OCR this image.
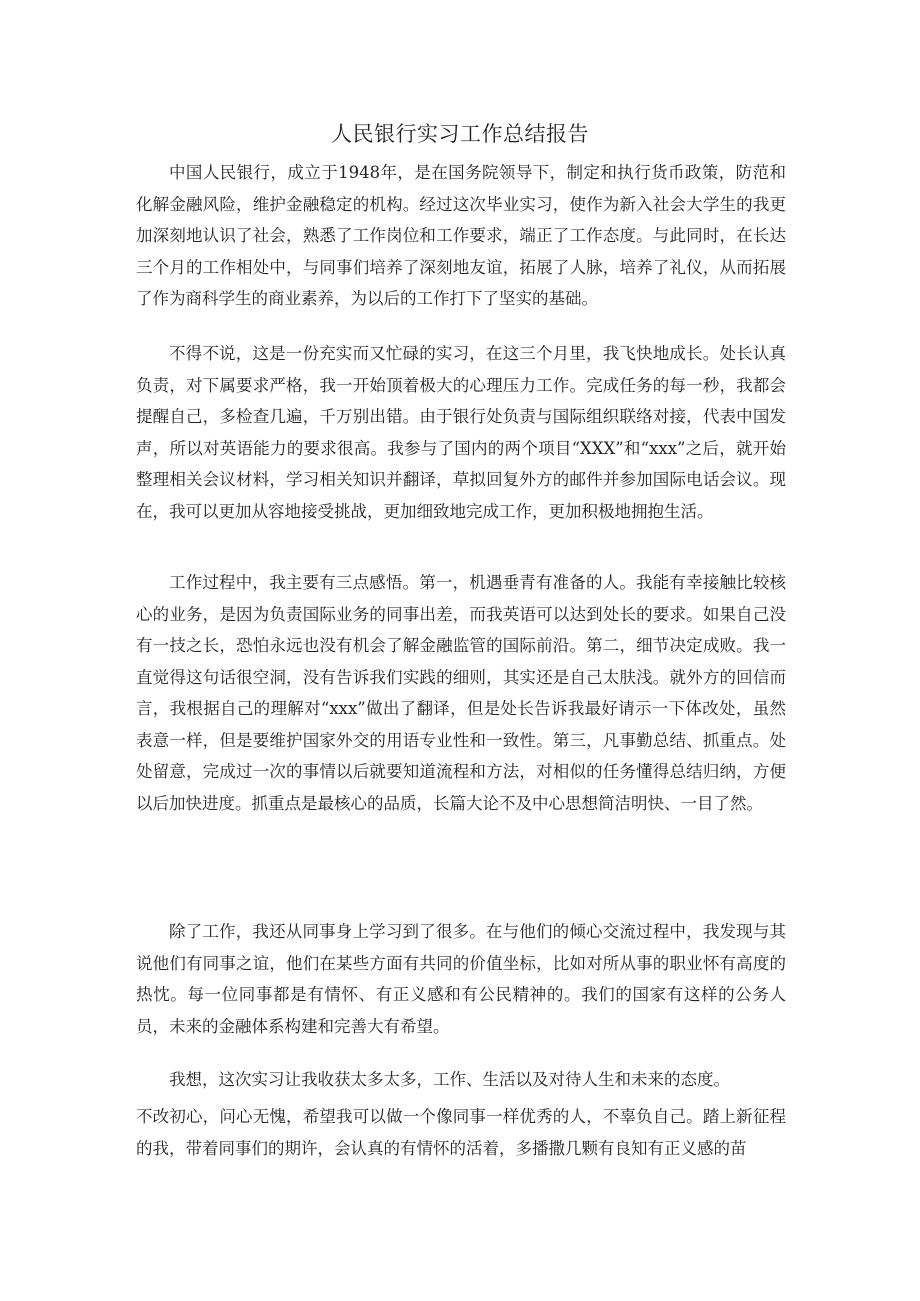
人民银行实习工作总结报告

中国人民银行，成立于1948年，是在国务院领导下，制定和执行货币政策，防范和化解金融风险，维护金融稳定的机构。经过这次毕业实习，使作为新入社会大学生的我更加深刻地认识了社会，熟悉了工作岗位和工作要求，端正了工作态度。与此同时，在长达三个月的工作相处中，与同事们培养了深刻地友谊，拓展了人脉，培养了礼仪，从而拓展了作为商科学生的商业素养，为以后的工作打下了坚实的基础。

不得不说，这是一份充实而又忙碌的实习，在这三个月里，我飞快地成长。处长认真负责，对下属要求严格，我一开始顶着极大的心理压力工作。完成任务的每一秒，我都会提醒自己，多检查几遍，千万别出错。由于银行处负责与国际组织联络对接，代表中国发声，所以对英语能力的要求很高。我参与了国内的两个项目“XXX”和“xxx”之后，就开始整理相关会议材料，学习相关知识并翻译，草拟回复外方的邮件并参加国际电话会议。现在，我可以更加从容地接受挑战，更加细致地完成工作，更加积极地拥抱生活。

工作过程中，我主要有三点感悟。第一，机遇垂青有准备的人。我能有幸接触比较核心的业务，是因为负责国际业务的同事出差，而我英语可以达到处长的要求。如果自己没有一技之长，恐怕永远也没有机会了解金融监管的国际前沿。第二，细节决定成败。我一直觉得这句话很空洞，没有告诉我们实践的细则，其实还是自己太肤浅。就外方的回信而言，我根据自己的理解对“xxx”做出了翻译，但是处长告诉我最好请示一下体改处，虽然表意一样，但是要维护国家外交的用语专业性和一致性。第三，凡事勤总结、抓重点。处处留意，完成过一次的事情以后就要知道流程和方法，对相似的任务懂得总结归纳，方便以后加快进度。抓重点是最核心的品质，长篇大论不及中心思想简洁明快、一目了然。

除了工作，我还从同事身上学习到了很多。在与他们的倾心交流过程中，我发现与其说他们有同事之谊，他们在某些方面有共同的价值坐标，比如对所从事的职业怀有高度的热忱。每一位同事都是有情怀、有正义感和有公民精神的。我们的国家有这样的公务人员，未来的金融体系构建和完善大有希望。

我想，这次实习让我收获太多太多，工作、生活以及对待人生和未来的态度。

不改初心，问心无愧，希望我可以做一个像同事一样优秀的人，不辜负自己。踏上新征程的我，带着同事们的期许，会认真的有情怀的活着，多播撒几颗有良知有正义感的苗
